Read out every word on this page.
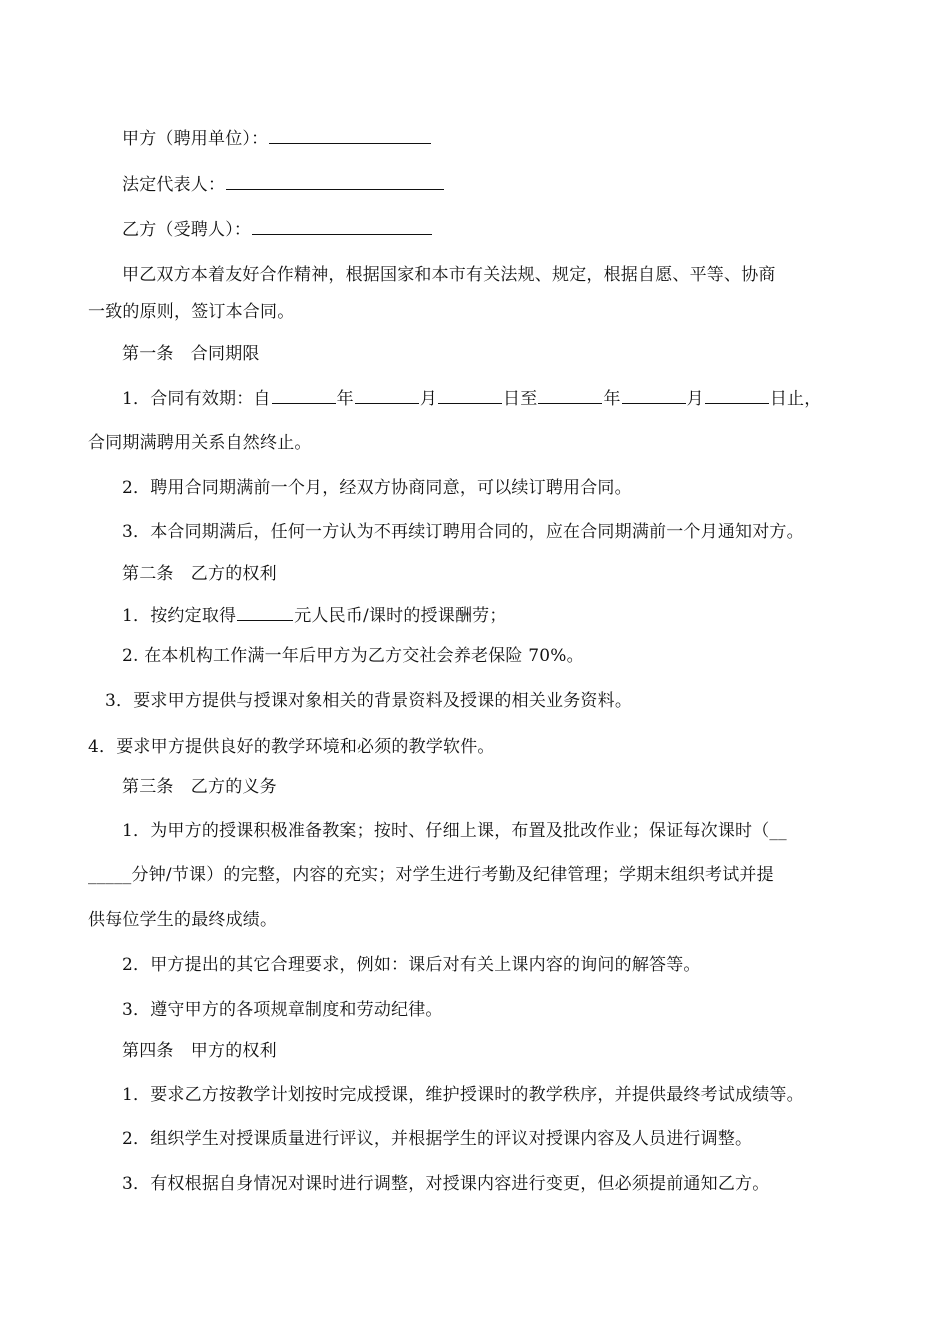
甲方（聘用单位）：
法定代表人：
乙方（受聘人）：
甲乙双方本着友好合作精神，根据国家和本市有关法规、规定，根据自愿、平等、协商
一致的原则，签订本合同。
第一条　合同期限
1．合同有效期：自	年	月	日至	年	月	日止，
合同期满聘用关系自然终止。
2．聘用合同期满前一个月，经双方协商同意，可以续订聘用合同。
3．本合同期满后，任何一方认为不再续订聘用合同的，应在合同期满前一个月通知对方。
第二条　乙方的权利
1．按约定取得	元人民币/课时的授课酬劳；
2. 在本机构工作满一年后甲方为乙方交社会养老保险 70%。
3．要求甲方提供与授课对象相关的背景资料及授课的相关业务资料。
4．要求甲方提供良好的教学环境和必须的教学软件。
第三条　乙方的义务
1．为甲方的授课积极准备教案；按时、仔细上课，布置及批改作业；保证每次课时（__
_____分钟/节课）的完整，内容的充实；对学生进行考勤及纪律管理；学期末组织考试并提
供每位学生的最终成绩。
2．甲方提出的其它合理要求，例如：课后对有关上课内容的询问的解答等。
3．遵守甲方的各项规章制度和劳动纪律。
第四条　甲方的权利
1．要求乙方按教学计划按时完成授课，维护授课时的教学秩序，并提供最终考试成绩等。
2．组织学生对授课质量进行评议，并根据学生的评议对授课内容及人员进行调整。
3．有权根据自身情况对课时进行调整，对授课内容进行变更，但必须提前通知乙方。
